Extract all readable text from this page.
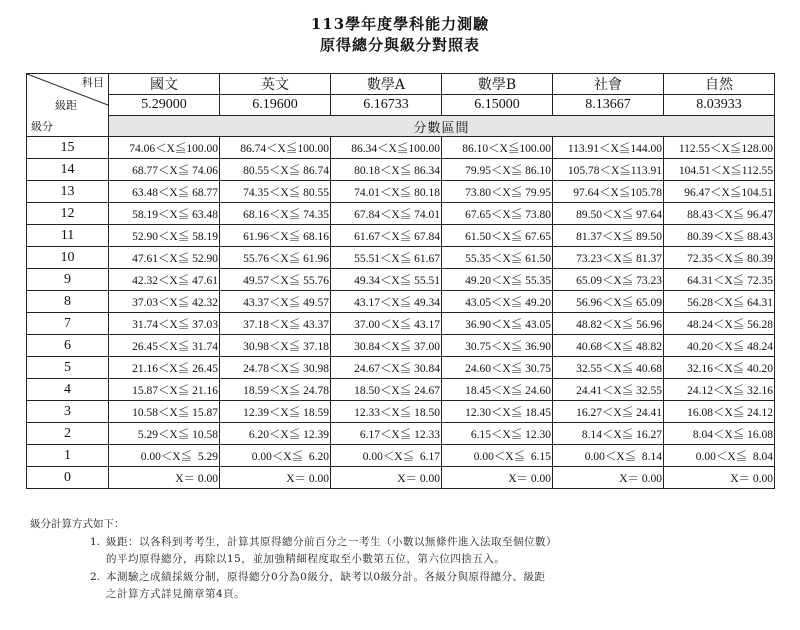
113學年度學科能力測驗
原得總分與級分對照表
科目
級距
級分	國文	英文	數學A	數學B	社會	自然
	5.29000	6.19600	6.16733	6.15000	8.13667	8.03933
	分數區間					
15	74.06＜X≦100.00	86.74＜X≦100.00	86.34＜X≦100.00	86.10＜X≦100.00	113.91＜X≦144.00	112.55＜X≦128.00
14	68.77＜X≦ 74.06	80.55＜X≦ 86.74	80.18＜X≦ 86.34	79.95＜X≦ 86.10	105.78＜X≦113.91	104.51＜X≦112.55
13	63.48＜X≦ 68.77	74.35＜X≦ 80.55	74.01＜X≦ 80.18	73.80＜X≦ 79.95	97.64＜X≦105.78	96.47＜X≦104.51
12	58.19＜X≦ 63.48	68.16＜X≦ 74.35	67.84＜X≦ 74.01	67.65＜X≦ 73.80	89.50＜X≦ 97.64	88.43＜X≦ 96.47
11	52.90＜X≦ 58.19	61.96＜X≦ 68.16	61.67＜X≦ 67.84	61.50＜X≦ 67.65	81.37＜X≦ 89.50	80.39＜X≦ 88.43
10	47.61＜X≦ 52.90	55.76＜X≦ 61.96	55.51＜X≦ 61.67	55.35＜X≦ 61.50	73.23＜X≦ 81.37	72.35＜X≦ 80.39
9	42.32＜X≦ 47.61	49.57＜X≦ 55.76	49.34＜X≦ 55.51	49.20＜X≦ 55.35	65.09＜X≦ 73.23	64.31＜X≦ 72.35
8	37.03＜X≦ 42.32	43.37＜X≦ 49.57	43.17＜X≦ 49.34	43.05＜X≦ 49.20	56.96＜X≦ 65.09	56.28＜X≦ 64.31
7	31.74＜X≦ 37.03	37.18＜X≦ 43.37	37.00＜X≦ 43.17	36.90＜X≦ 43.05	48.82＜X≦ 56.96	48.24＜X≦ 56.28
6	26.45＜X≦ 31.74	30.98＜X≦ 37.18	30.84＜X≦ 37.00	30.75＜X≦ 36.90	40.68＜X≦ 48.82	40.20＜X≦ 48.24
5	21.16＜X≦ 26.45	24.78＜X≦ 30.98	24.67＜X≦ 30.84	24.60＜X≦ 30.75	32.55＜X≦ 40.68	32.16＜X≦ 40.20
4	15.87＜X≦ 21.16	18.59＜X≦ 24.78	18.50＜X≦ 24.67	18.45＜X≦ 24.60	24.41＜X≦ 32.55	24.12＜X≦ 32.16
3	10.58＜X≦ 15.87	12.39＜X≦ 18.59	12.33＜X≦ 18.50	12.30＜X≦ 18.45	16.27＜X≦ 24.41	16.08＜X≦ 24.12
2	5.29＜X≦ 10.58	6.20＜X≦ 12.39	6.17＜X≦ 12.33	6.15＜X≦ 12.30	8.14＜X≦ 16.27	8.04＜X≦ 16.08
1	0.00＜X≦  5.29	0.00＜X≦  6.20	0.00＜X≦  6.17	0.00＜X≦  6.15	0.00＜X≦  8.14	0.00＜X≦  8.04
0	X＝ 0.00	X＝ 0.00	X＝ 0.00	X＝ 0.00	X＝ 0.00	X＝ 0.00
級分計算方式如下：
1. 級距：以各科到考考生，計算其原得總分前百分之一考生（小數以無條件進入法取至個位數）
的平均原得總分，再除以15，並加強精細程度取至小數第五位，第六位四捨五入。
2. 本測驗之成績採級分制，原得總分0分為0級分，缺考以0級分計。各級分與原得總分、級距
之計算方式詳見簡章第4頁。
